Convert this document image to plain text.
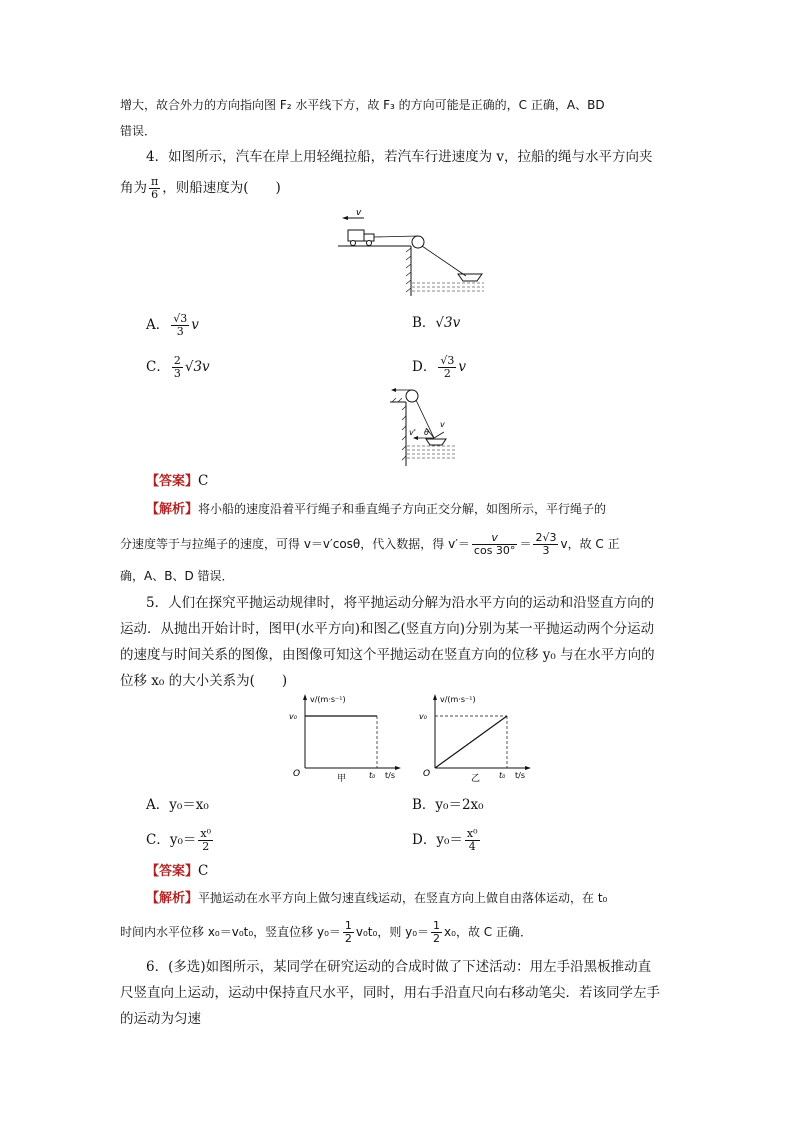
增大，故合外力的方向指向图 F₂ 水平线下方，故 F₃ 的方向可能是正确的，C 正确，A、BD
错误．
4．如图所示，汽车在岸上用轻绳拉船，若汽车行进速度为 v，拉船的绳与水平方向夹
角为 $\frac{\pi}{6}$ ，则船速度为(　　)
v
A． $\frac{√3}{3}$ v	B．√3v
C． $\frac{2}{3} √3v$	D． $\frac{√3}{2}$ v
v
v' θ
【答案】C
【解析】将小船的速度沿着平行绳子和垂直绳子方向正交分解，如图所示，平行绳子的
分速度等于与拉绳子的速度，可得 v＝v′cosθ，代入数据，得 $v'= \frac{v}{\cos 30^\circ} = \frac{2√3}{3}$ v，故 C 正
确，A、B、D 错误．
5．人们在探究平抛运动规律时，将平抛运动分解为沿水平方向的运动和沿竖直方向的
运动．从抛出开始计时，图甲(水平方向)和图乙(竖直方向)分别为某一平抛运动两个分运动
的速度与时间关系的图像，由图像可知这个平抛运动在竖直方向的位移 y₀ 与在水平方向的
位移 x₀ 的大小关系为(　　)
v/(m·s⁻¹)
v₀
O	t₀ t/s
甲
v/(m·s⁻¹)
v₀
O	t₀ t/s
乙
A．y₀＝x₀	B．y₀＝2x₀
C．$y_0= \frac{\text{x⁰}}{2}$	D．$y_0= \frac{\text{x⁰}}{4}$
【答案】C
【解析】平抛运动在水平方向上做匀速直线运动，在竖直方向上做自由落体运动，在 t₀
时间内水平位移 x₀＝v₀t₀，竖直位移 $y_0= \frac{1}{2} v_0t_0$，则 $y_0= \frac{1}{2} x_0$，故 C 正确．
6．(多选)如图所示，某同学在研究运动的合成时做了下述活动：用左手沿黑板推动直
尺竖直向上运动，运动中保持直尺水平，同时，用右手沿直尺向右移动笔尖．若该同学左手
的运动为匀速
